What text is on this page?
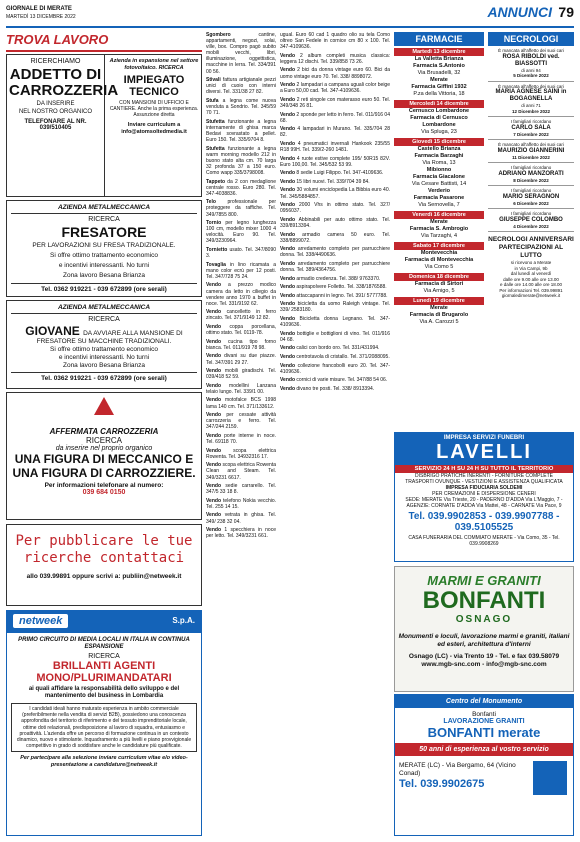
GIORNALE DI MERATE
MARTEDÌ 13 DICEMBRE 2022	ANNUNCI 79
TROVA LAVORO
RICERCHIAMO
ADDETTO DI CARROZZERIA
DA INSERIRE
NEL NOSTRO ORGANICO
TELEFONARE AL NR. 039/510405
Azienda in espansione nel settore fotovoltaico. RICERCA
IMPIEGATO TECNICO
CON MANSIONI DI UFFICIO E CANTIERE. Anche la prima esperienza. Assunzione diretta
Inviare curriculum a info@atomsoltedmedia.it
AZIENDA METALMECCANICA
RICERCA
FRESATORE
PER LAVORAZIONI SU FRESA TRADIZIONALE.
Si offre ottimo trattamento economico
e incentivi interessanti. No turni
Zona lavoro Besana Brianza
Tel. 0362 919221 - 039 672899 (ore serali)
AZIENDA METALMECCANICA
RICERCA
GIOVANE DA AVVIARE ALLA MANSIONE DI
FRESATORE SU MACCHINE TRADIZIONALI.
Si offre ottimo trattamento economico
e incentivi interessanti. No turni
Zona lavoro Besana Brianza
Tel. 0362 919221 - 039 672899 (ore serali)
AFFERMATA CARROZZERIA
RICERCA
da inserire nel proprio organico
UNA FIGURA DI MECCANICO E UNA FIGURA DI CARROZZIERE.
Per informazioni telefonare al numero:
039 684 0150
Per pubblicare le tue ricerche contattaci
allo 039.99891 oppure scrivi a: publiin@netweek.it
netweek	S.p.A.
PRIMO CIRCUITO DI MEDIA LOCALI IN ITALIA IN CONTINUA ESPANSIONE
RICERCA
BRILLANTI AGENTI MONO/PLURIMANDATARI
ai quali affidare la responsabilità dello sviluppo e del mantenimento del business in Lombardia
I candidati ideali hanno maturato esperienza in ambito commerciale (preferibilmente nella vendita di servizi B2B), possiedono una conoscenza approfondita del territorio di riferimento e del tessuto imprenditoriale locale, ottime doti relazionali, predisposizione al lavoro di squadra, entusiasmo e proattività. L'azienda offre un percorso di formazione continua in un contesto dinamico, nuovo e stimolante. Inquadramento a più livelli e piano provvigionale competitivo in grado di soddisfare anche le candidature più qualificate.
Per partecipare alla selezione inviare curriculum vitae e/o video-presentazione a candidature@netweek.it

Sgombero	cantine, appartamenti, negozi, solai, ville, box. Compro pagò subito mobili vecchi, libri, illuminazione, oggettistica, macchine in lerra. Tel. 334/391 00 56.

Stivali fattura artigianale pezzi unici di cuoio con interni diversi. Tel. 331/38 27 82.

Stufa a legna come nuova venduta a Sondrio. Tel. 345/59 70 71.

Stufetta funzionante a legna internamente di ghisa marca Bedavi sovrastato a pellet. Euro 150. Tel. 335/9704 8.

Stufetta funzionante a legna warm morning modello 212 in buono stato alta cm. 70 larga 32 profonda 37 a 150 euro. Como wapp 335/3798008.

Tappeto da 2 con medaglione centrale rosso. Euro 280. Tel. 347-4038836.

Telo professionale per proteggere da raffiche. Tel. 349/7855 800.

Tornio per legno lunghezza 100 cm, modello mixer 1000 4 velocità. Euro 90. Tel. 349/3230964.

Tornietto usato. Tel. 347/8090 3.

Tovaglia in lino ricamata a mano color ecrù per 12 posti. Tel. 347/728 75 24.

Vendo a prezzo modico camera da letto in ciliegio da vendere anno 1970 a buffet in noce. Tel. 331/9192 62.

Vendo cancelletto in ferro zincato. Tel. 371/9149 12 82.

Vendo coppa porcellana, ottimo stato. Tel. 0119-78.

Vendo cucina tipo forno bianca. Tel. 011/919 78 98.

Vendo divani su due piazze. Tel. 347/391 29 27.

Vendo mobili giradischi. Tel. 039/418 52 59.

Vendo modellini Lanzana telaio lungo. Tel. 339/1 00.

Vendo motofalce BCS 1998 lama 140 cm. Tel. 371/133612.

Vendo per cessate attività carrozzeria e ferro. Tel. 347/244 2159.

Vendo porte interne in noce. Tel. 69118 70.

Vendo scopa elettrica Rowenta. Tel. 34932316 17.

Vendo scopa elettrica Rowenta Clean and Steam. Tel. 349/3231 6617.

Vendo sedie carrarello. Tel. 347/5 33 18 8.

Vendo telefono Nokia vecchio. Tel. 255 14 15.

Vendo vetrata in ghisa. Tel. 349/ 238 32 04.

Vendo 1 specchiera in noce per letto. Tel. 349/3231 661.

ugual. Euro 60 cad 1 quadro olio su tela Como oltreo San Fedele in cornice cm 80 x 100. Tel. 347-4109636.

Vendo 2 album completi musica classica: leggera 12 dischi. Tel. 339/858 73 26.

Vendo 2 bici da donna vintage euro 60. Bici da uomo vintage euro 70. Tel. 338/ 8898072.

Vendo 2 lampadari a campana uguali color beige a Euro 50,00 cad. Tel. 347-4109636.

Vendo 2 reti singole con materasso euro 50. Tel. 349/348 26 81.

Vendo 2 sponde per letto in ferro. Tel. 011/916 04 68.

Vendo 4 lampadari in Murano. Tel. 335/704 28 82.

Vendo 4 pneumatici invernali Hankook 235/55 R18 99H. Tel. 339/2-260 1481.

Vendo 4 ruote estive complete 195/ 50R15 82V. Euro 100,00. Tel. 345/532 53 99.

Vendo 8 sedie Luigi Filippo. Tel. 347-4109636.

Vendo 15 libri nuovi. Tel. 339/704 39 84.

Vendo 30 volumi enciclopedia La Bibbia euro 40. Tel. 345/5884857.

Vendo 2000 Vhs in ottimo stato. Tel. 327/ 0956037.

Vendo Abbinabili per auto ottimo stato. Tel. 339/8913394.

Vendo armadio camera 50 euro. Tel. 338/8899072.

Vendo arredamento completo per parrucchiere donna. Tel. 338/4490636.

Vendo arredamento completo per parrucchiere donna. Tel. 389/4364756.

Vendo armadio credenza. Tel. 388/ 9763370.

Vendo aspirapolvere Folletto. Tel. 338/1876588.

Vendo attaccapanni in legno. Tel. 391/ 5777788.

Vendo bicicletta da uomo Raleigh vintage. Tel. 339/ 2583180.

Vendo Bicicletta donna Legnano. Tel. 347-4109636.

Vendo bottiglie e bottiglioni di vino. Tel. 011/916 04 68.

Vendo calici con bordo oro. Tel. 331/431994.

Vendo centrotavola di cristallo. Tel. 371/2088095.

Vendo collezione francobolli euro 20. Tel. 347-4109636.

Vendo cornici di varie misure. Tel. 347/88 54 06.

Vendo divano tre posti. Tel. 338/ 8913394.

FARMACIE
Martedì 13 dicembre
La Valletta Brianza
Farmacia S.Antonio
Via Brusadelli, 32
Merate
Farmacia Giffini 1932
P.za della Vittoria, 18
Mercoledì 14 dicembre
Cernusco Lombardone
Farmacia di Cernusco Lombardone
Via Spluga, 23
Giovedì 15 dicembre
Castello Brianza
Farmacia Barzaghi
Via Roma, 13
Mibionno
Farmacia Giacalone
Via Cesare Battisti, 14
Verderio
Farmacia Pasarone
Via Sernovella, 7
Venerdì 16 dicembre
Merate
Farmacia S. Ambrogio
Via Tarzaghi, 4
Sabato 17 dicembre
Montevecchia
Farmacia di Montevecchia
Via Como 5
Domenica 18 dicembre
Farmacia di Sirtori
Via Arnigo, 5
Lunedì 19 dicembre
Merate
Farmacia di Brugarolo
Via A. Carozzi 5
NECROLOGI
È mancata all'affetto dei suoi cari
ROSA RIBOLDI ved. BIASSOTTI
di anni 94
5 Dicembre 2022
È mancata all'affetto dei suoi cari
MARIA AGNESE SAINI in BOGAGNELLA
di anni 71
12 Dicembre 2022
I famigliari ricordano
CARLO SALA
7 Dicembre 2022
È mancato all'affetto dei suoi cari
MAURIZIO GIANNERINI
11 Dicembre 2022
I famigliari ricordano
ADRIANO MANZORATI
8 Dicembre 2022
I famigliari ricordano
MARIO SERAGNON
6 Dicembre 2022
I famigliari ricordano
GIUSEPPE COLOMBO
4 Dicembre 2022
NECROLOGI ANNIVERSARI PARTECIPAZIONI AL LUTTO
si ricevono a Merate
in Via Campi, 9b
dal lunedì al venerdì
dalle ore 9.00 alle ore 13.00
e dalle ore 14.00 alle ore 18.00
Per informazioni Tel. 039.99891
giornaledimerate@netweek.it
IMPRESA SERVIZI FUNEBRI
LAVELLI
SERVIZIO 24 H SU 24 H SU TUTTO IL TERRITORIO
DISBRIGO PRATICHE INERENTI - FORNITURE COMPLETE
TRASPORTI OVUNQUE - VESTIZIONI E ASSISTENZA QUALIFICATA
IMPRESA FIDUCIARIA SOLDEMI
PER CREMAZIONI E DISPERSIONE CENERI
SEDE: MERATE Via Trieste, 20 - PADERNO D'ADDA Via L'Maggio, 7 - AGENZIE: CORNATE D'ADDA Via Mattei, 48 - CARNATE Via Pace, 9
Tel. 039.9902853 - 039.9907788 - 039.5105525
CASA FUNERARIA DEL COMMIATO MERATE - Via Como, 35 - Tel. 039.9908269
MARMI E GRANITI
BONFANTI
OSNAGO
Monumenti e loculi, lavorazione marmi e graniti, italiani ed esteri, architettura d'interni
Osnago (LC) - via Trento 19 - Tel. e fax 039.58079 www.mgb-snc.com - info@mgb-snc.com
Centro del Monumento
Bonfanti
LAVORAZIONE GRANITI
BONFANTI merate
50 anni di esperienza al vostro servizio
MERATE (LC) - Via Bergamo, 64 (Vicino Conad)
Tel. 039.9902675
